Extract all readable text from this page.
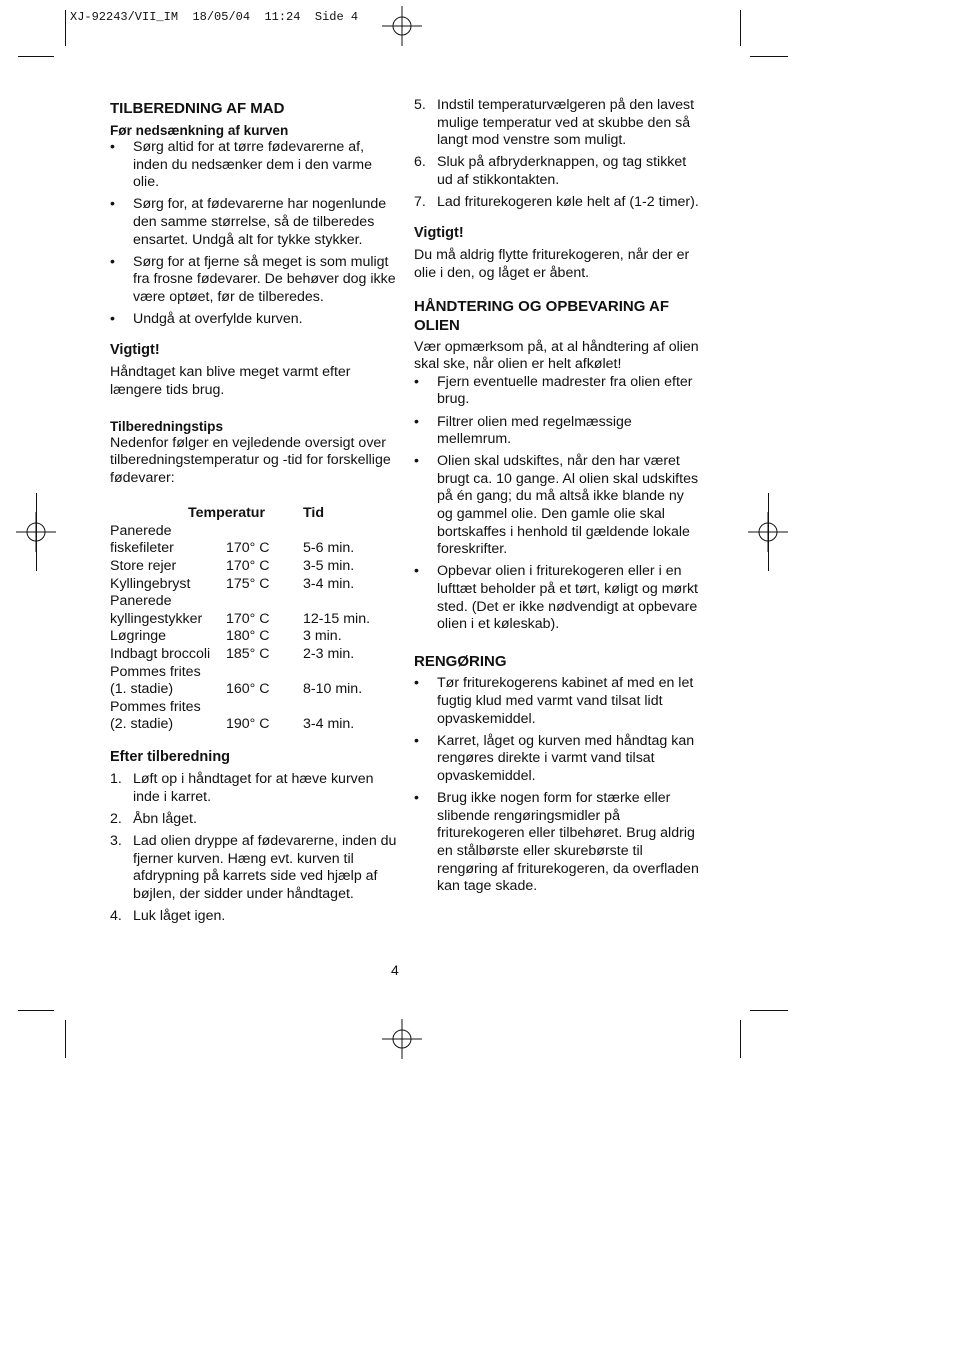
XJ-92243/VII_IM 18/05/04 11:24 Side 4
TILBEREDNING AF MAD
Før nedsænkning af kurven
• Sørg altid for at tørre fødevarerne af, inden du nedsænker dem i den varme olie.
• Sørg for, at fødevarerne har nogenlunde den samme størrelse, så de tilberedes ensartet. Undgå alt for tykke stykker.
• Sørg for at fjerne så meget is som muligt fra frosne fødevarer. De behøver dog ikke være optøet, før de tilberedes.
• Undgå at overfylde kurven.
Vigtigt!

Håndtaget kan blive meget varmt efter længere tids brug.

Tilberedningstips

Nedenfor følger en vejledende oversigt over tilberedningstemperatur og -tid for forskellige fødevarer:

	Temperatur	Tid

Panerede
fiskefileter	170° C	5-6 min.

Store rejer	170° C	3-5 min.

Kyllingebryst	175° C	3-4 min.

Panerede
kyllingestykker	170° C	12-15 min.

Løgringe	180° C	3 min.

Indbagt broccoli	185° C	2-3 min.

Pommes frites
(1. stadie)	160° C	8-10 min.

Pommes frites
(2. stadie)	190° C	3-4 min.
Efter tilberedning
1. Løft op i håndtaget for at hæve kurven inde i karret.
2. Åbn låget.
3. Lad olien dryppe af fødevarerne, inden du fjerner kurven. Hæng evt. kurven til afdrypning på karrets side ved hjælp af bøjlen, der sidder under håndtaget.
4. Luk låget igen.
5. Indstil temperaturvælgeren på den lavest mulige temperatur ved at skubbe den så langt mod venstre som muligt.
6. Sluk på afbryderknappen, og tag stikket ud af stikkontakten.
7. Lad friturekogeren køle helt af (1-2 timer).
Vigtigt!

Du må aldrig flytte friturekogeren, når der er olie i den, og låget er åbent.

HÅNDTERING OG OPBEVARING AF OLIEN

Vær opmærksom på, at al håndtering af olien skal ske, når olien er helt afkølet!

• Fjern eventuelle madrester fra olien efter brug.
• Filtrer olien med regelmæssige mellemrum.
• Olien skal udskiftes, når den har været brugt ca. 10 gange. Al olien skal udskiftes på én gang; du må altså ikke blande ny og gammel olie. Den gamle olie skal bortskaffes i henhold til gældende lokale foreskrifter.
• Opbevar olien i friturekogeren eller i en lufttæt beholder på et tørt, køligt og mørkt sted. (Det er ikke nødvendigt at opbevare olien i et køleskab).
RENGØRING
• Tør friturekogerens kabinet af med en let fugtig klud med varmt vand tilsat lidt opvaskemiddel.
• Karret, låget og kurven med håndtag kan rengøres direkte i varmt vand tilsat opvaskemiddel.
• Brug ikke nogen form for stærke eller slibende rengøringsmidler på friturekogeren eller tilbehøret. Brug aldrig en stålbørste eller skurebørste til rengøring af friturekogeren, da overfladen kan tage skade.
4
